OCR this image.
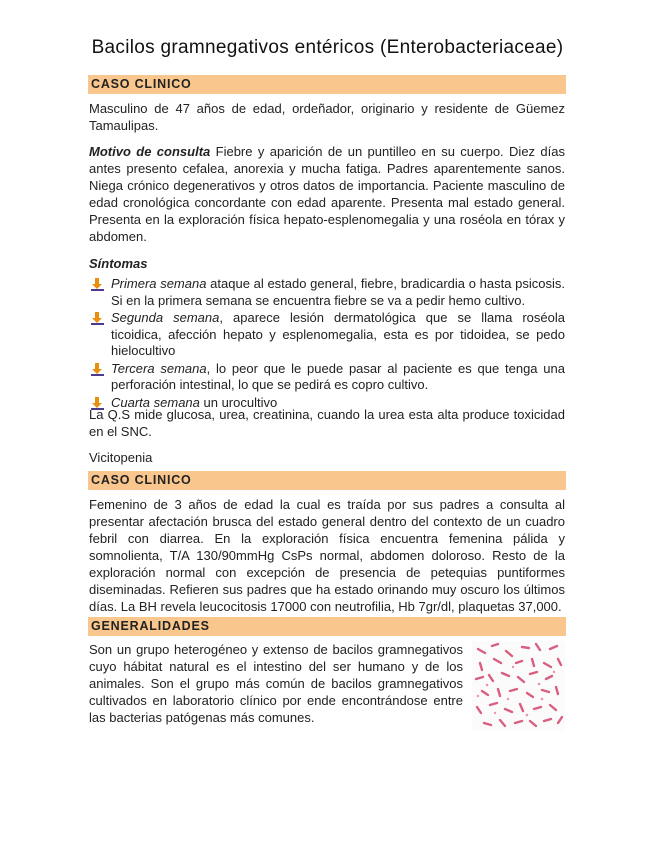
Bacilos gramnegativos entéricos (Enterobacteriaceae)
CASO CLINICO

Masculino de 47 años de edad, ordeñador, originario y residente de Güemez Tamaulipas.

Motivo de consulta Fiebre y aparición de un puntilleo en su cuerpo. Diez días antes presento cefalea, anorexia y mucha fatiga. Padres aparentemente sanos. Niega crónico degenerativos y otros datos de importancia. Paciente masculino de edad cronológica concordante con edad aparente. Presenta mal estado general. Presenta en la exploración física hepato-esplenomegalia y una roséola en tórax y abdomen.

Síntomas

Primera semana ataque al estado general, fiebre, bradicardia o hasta psicosis. Si en la primera semana se encuentra fiebre se va a pedir hemo cultivo.
Segunda semana, aparece lesión dermatológica que se llama roséola ticoidica, afección hepato y esplenomegalia, esta es por tidoidea, se pedo hielocultivo
Tercera semana, lo peor que le puede pasar al paciente es que tenga una perforación intestinal, lo que se pedirá es copro cultivo.
Cuarta semana un urocultivo

La Q.S mide glucosa, urea, creatinina, cuando la urea esta alta produce toxicidad en el SNC.

Vicitopenia

CASO CLINICO

Femenino de 3 años de edad la cual es traída por sus padres a consulta al presentar afectación brusca del estado general dentro del contexto de un cuadro febril con diarrea. En la exploración física encuentra femenina pálida y somnolienta, T/A 130/90mmHg CsPs normal, abdomen doloroso. Resto de la exploración normal con excepción de presencia de petequias puntiformes diseminadas. Refieren sus padres que ha estado orinando muy oscuro los últimos días. La BH revela leucocitosis 17000 con neutrofilia, Hb 7gr/dl, plaquetas 37,000.

GENERALIDADES

Son un grupo heterogéneo y extenso de bacilos gramnegativos cuyo hábitat natural es el intestino del ser humano y de los animales. Son el grupo más común de bacilos gramnegativos cultivados en laboratorio clínico por ende encontrándose entre las bacterias patógenas más comunes.
